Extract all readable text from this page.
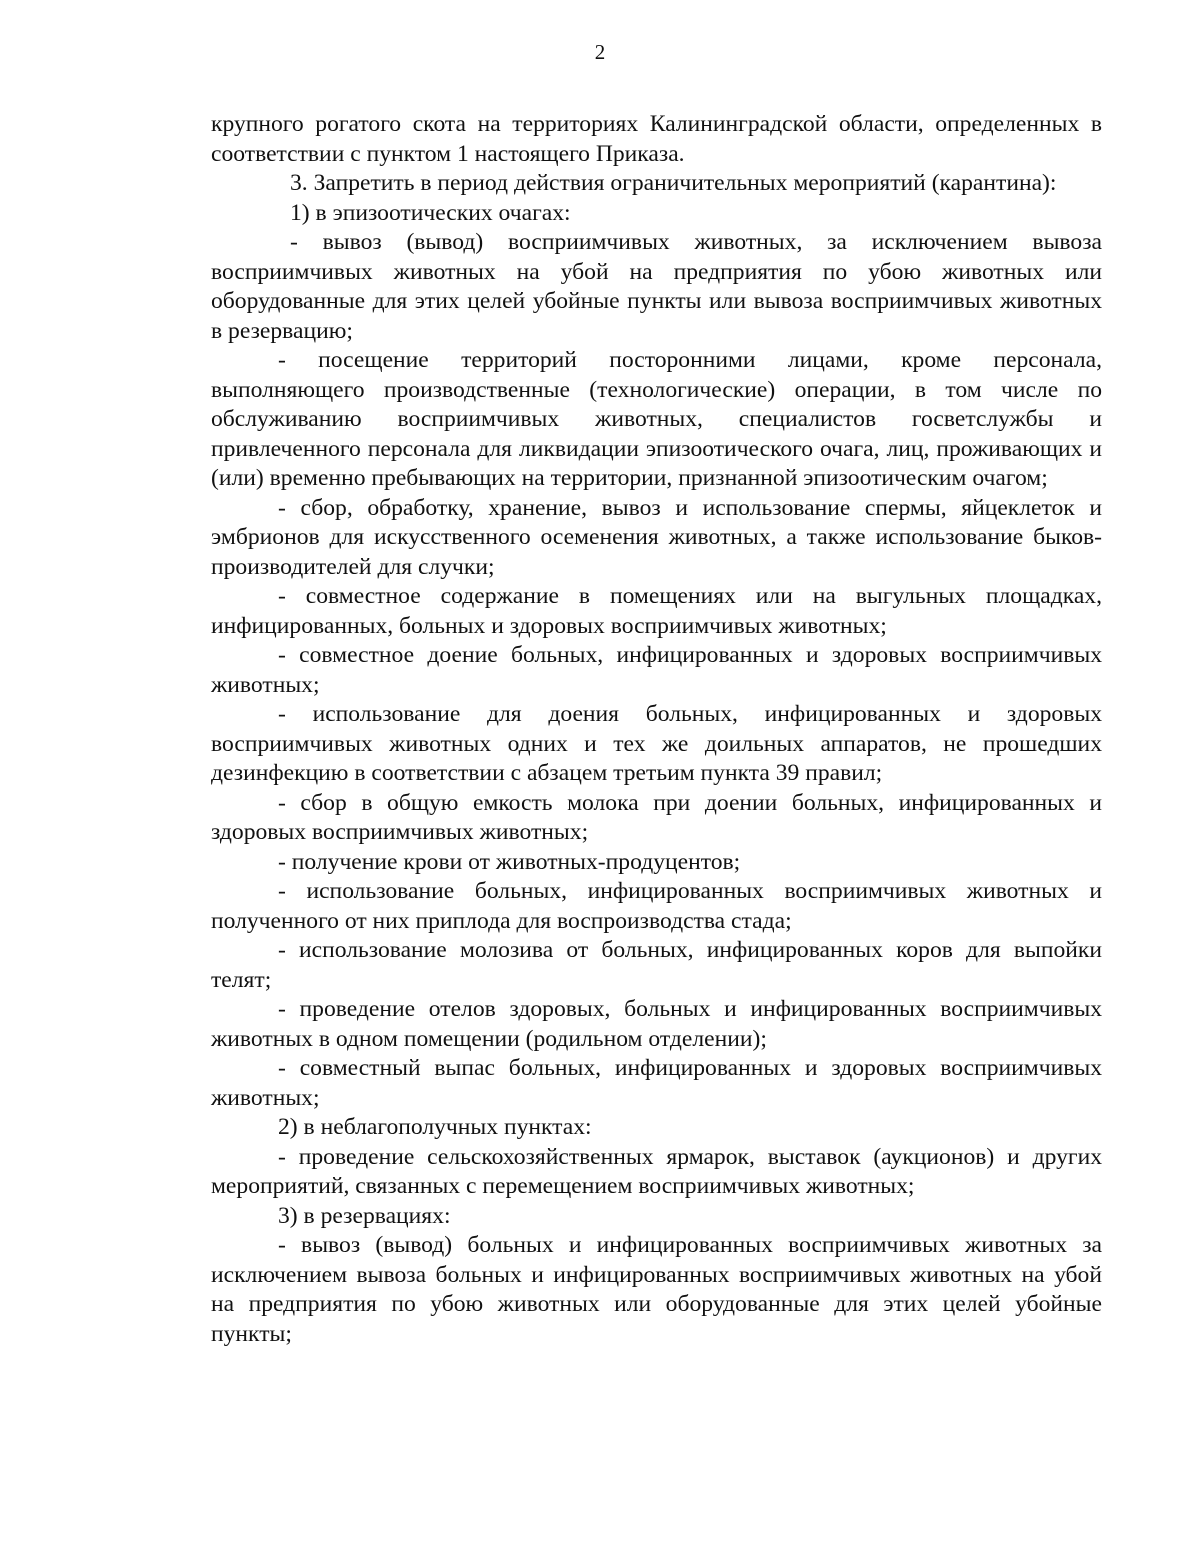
2

крупного рогатого скота на территориях Калининградской области, определенных в соответствии с пунктом 1 настоящего Приказа.

3. Запретить в период действия ограничительных мероприятий (карантина):

1) в эпизоотических очагах:

- вывоз (вывод) восприимчивых животных, за исключением вывоза восприимчивых животных на убой на предприятия по убою животных или оборудованные для этих целей убойные пункты или вывоза восприимчивых животных в резервацию;

- посещение территорий посторонними лицами, кроме персонала, выполняющего производственные (технологические) операции, в том числе по обслуживанию восприимчивых животных, специалистов госветслужбы и привлеченного персонала для ликвидации эпизоотического очага, лиц, проживающих и (или) временно пребывающих на территории, признанной эпизоотическим очагом;

- сбор, обработку, хранение, вывоз и использование спермы, яйцеклеток и эмбрионов для искусственного осеменения животных, а также использование быков-производителей для случки;

- совместное содержание в помещениях или на выгульных площадках, инфицированных, больных и здоровых восприимчивых животных;

- совместное доение больных, инфицированных и здоровых восприимчивых животных;

- использование для доения больных, инфицированных и здоровых восприимчивых животных одних и тех же доильных аппаратов, не прошедших дезинфекцию в соответствии с абзацем третьим пункта 39 правил;

- сбор в общую емкость молока при доении больных, инфицированных и здоровых восприимчивых животных;

- получение крови от животных-продуцентов;

- использование больных, инфицированных восприимчивых животных и полученного от них приплода для воспроизводства стада;

- использование молозива от больных, инфицированных коров для выпойки телят;

- проведение отелов здоровых, больных и инфицированных восприимчивых животных в одном помещении (родильном отделении);

- совместный выпас больных, инфицированных и здоровых восприимчивых животных;

2) в неблагополучных пунктах:

- проведение сельскохозяйственных ярмарок, выставок (аукционов) и других мероприятий, связанных с перемещением восприимчивых животных;

3) в резервациях:

- вывоз (вывод) больных и инфицированных восприимчивых животных за исключением вывоза больных и инфицированных восприимчивых животных на убой на предприятия по убою животных или оборудованные для этих целей убойные пункты;
